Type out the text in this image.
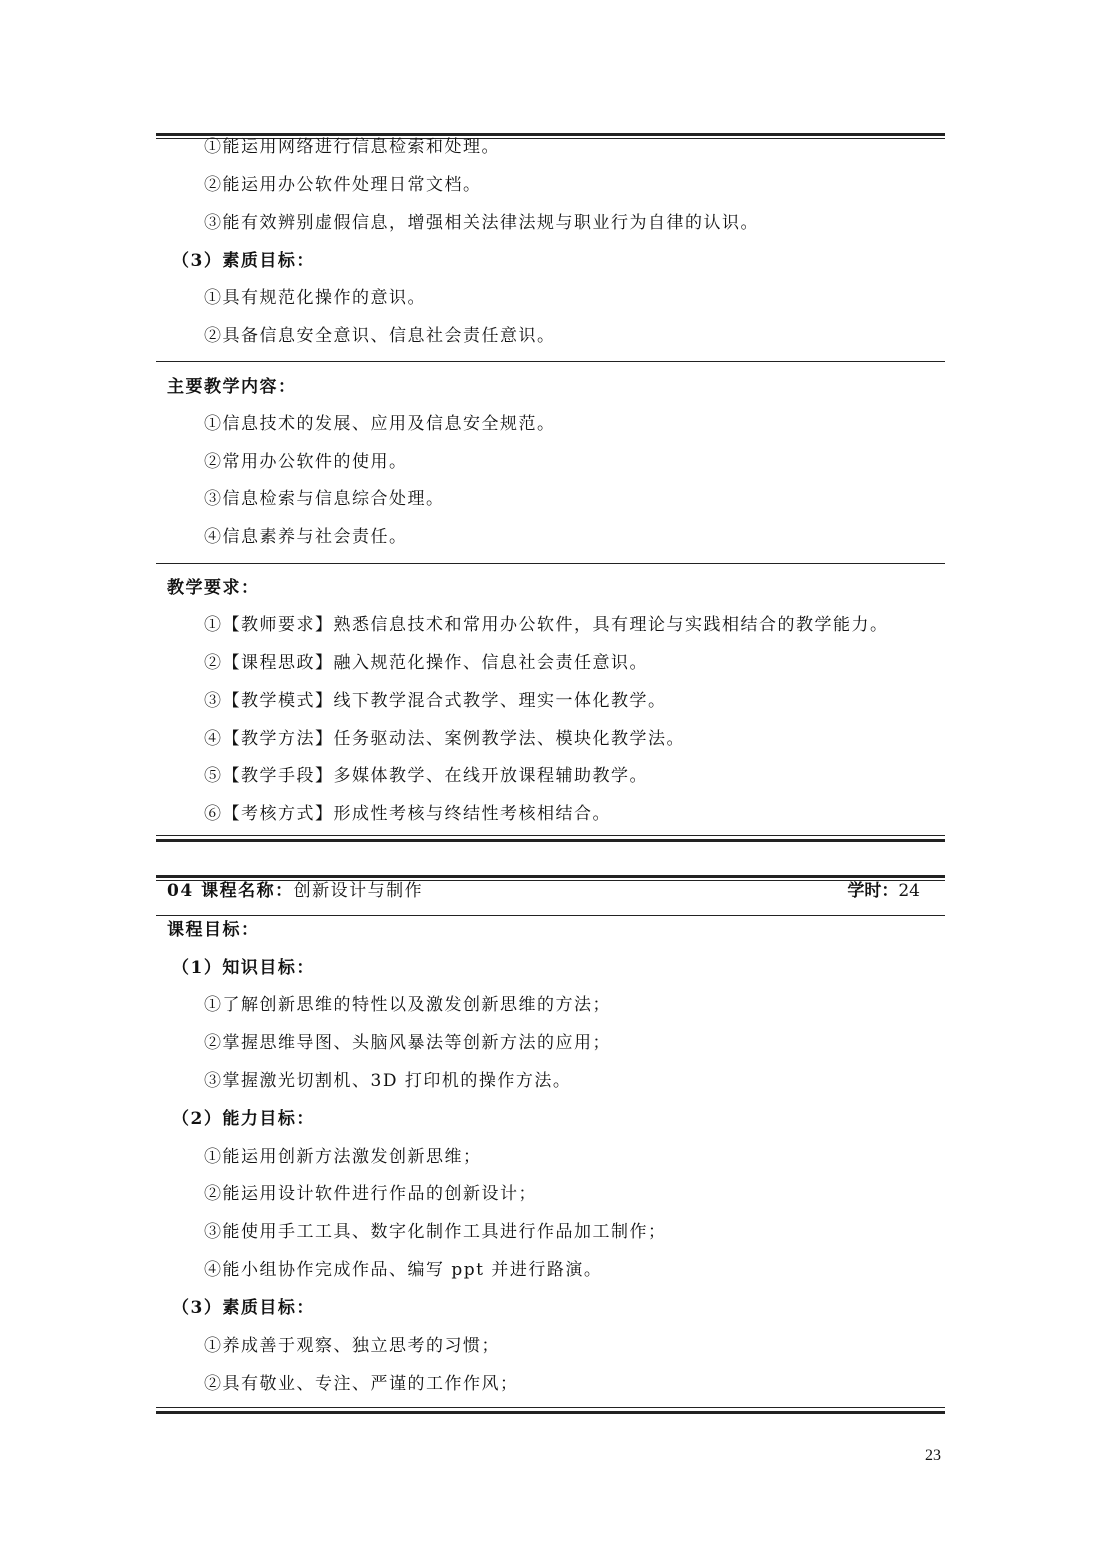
①能运用网络进行信息检索和处理。
②能运用办公软件处理日常文档。
③能有效辨别虚假信息，增强相关法律法规与职业行为自律的认识。
（3）素质目标：
①具有规范化操作的意识。
②具备信息安全意识、信息社会责任意识。
主要教学内容：
①信息技术的发展、应用及信息安全规范。
②常用办公软件的使用。
③信息检索与信息综合处理。
④信息素养与社会责任。
教学要求：
①【教师要求】熟悉信息技术和常用办公软件，具有理论与实践相结合的教学能力。
②【课程思政】融入规范化操作、信息社会责任意识。
③【教学模式】线下教学混合式教学、理实一体化教学。
④【教学方法】任务驱动法、案例教学法、模块化教学法。
⑤【教学手段】多媒体教学、在线开放课程辅助教学。
⑥【考核方式】形成性考核与终结性考核相结合。
04 课程名称：创新设计与制作	学时：24
课程目标：
（1）知识目标：
①了解创新思维的特性以及激发创新思维的方法；
②掌握思维导图、头脑风暴法等创新方法的应用；
③掌握激光切割机、3D 打印机的操作方法。
（2）能力目标：
①能运用创新方法激发创新思维；
②能运用设计软件进行作品的创新设计；
③能使用手工工具、数字化制作工具进行作品加工制作；
④能小组协作完成作品、编写 ppt 并进行路演。
（3）素质目标：
①养成善于观察、独立思考的习惯；
②具有敬业、专注、严谨的工作作风；
23
